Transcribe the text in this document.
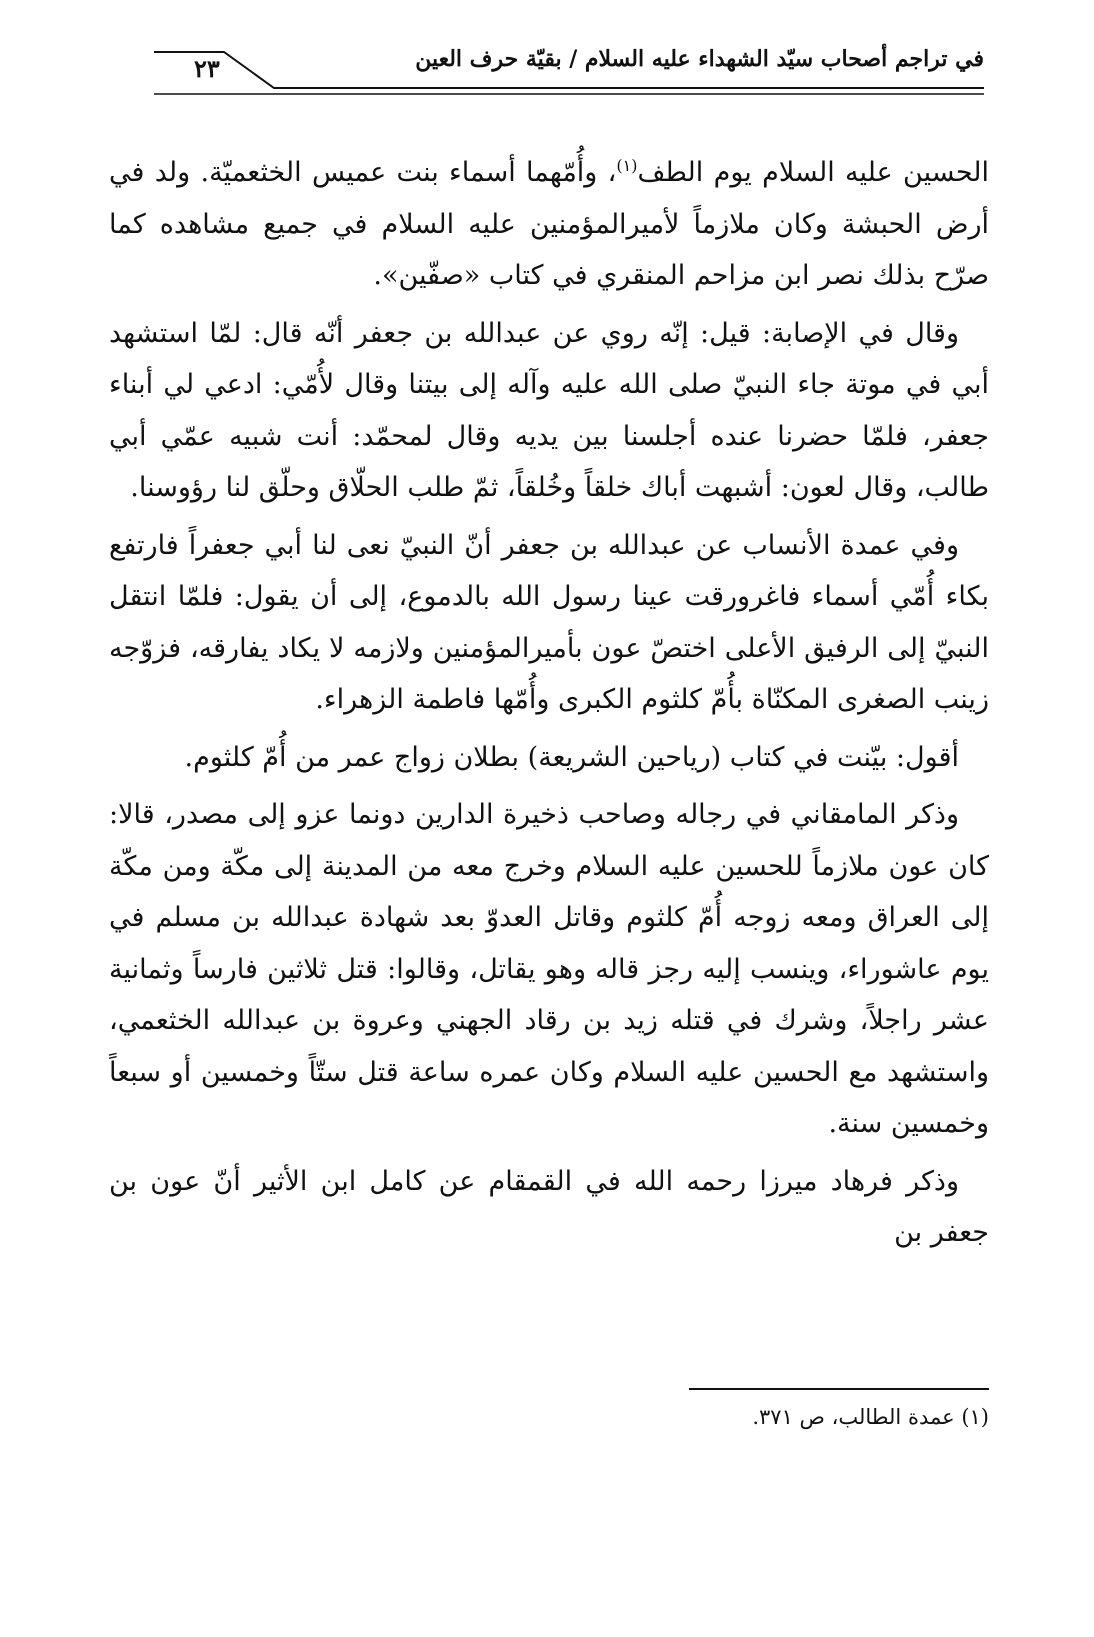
في تراجم أصحاب سيّد الشهداء عليه السلام / بقيّة حرف العين
٢٣

الحسين عليه السلام يوم الطف$^{(١)}$، وأُمّهما أسماء بنت عميس الخثعميّة. ولد في أرض الحبشة وكان ملازماً لأميرالمؤمنين عليه السلام في جميع مشاهده كما صرّح بذلك نصر ابن مزاحم المنقري في كتاب «صفّين».

وقال في الإصابة: قيل: إنّه روي عن عبدالله بن جعفر أنّه قال: لمّا استشهد أبي في موتة جاء النبيّ صلى الله عليه وآله إلى بيتنا وقال لأُمّي: ادعي لي أبناء جعفر، فلمّا حضرنا عنده أجلسنا بين يديه وقال لمحمّد: أنت شبيه عمّي أبي طالب، وقال لعون: أشبهت أباك خلقاً وخُلقاً، ثمّ طلب الحلّاق وحلّق لنا رؤوسنا.

وفي عمدة الأنساب عن عبدالله بن جعفر أنّ النبيّ نعى لنا أبي جعفراً فارتفع بكاء أُمّي أسماء فاغرورقت عينا رسول الله بالدموع، إلى أن يقول: فلمّا انتقل النبيّ إلى الرفيق الأعلى اختصّ عون بأميرالمؤمنين ولازمه لا يكاد يفارقه، فزوّجه زينب الصغرى المكنّاة بأُمّ كلثوم الكبرى وأُمّها فاطمة الزهراء.

أقول: بيّنت في كتاب (رياحين الشريعة) بطلان زواج عمر من أُمّ كلثوم.

وذكر المامقاني في رجاله وصاحب ذخيرة الدارين دونما عزو إلى مصدر، قالا: كان عون ملازماً للحسين عليه السلام وخرج معه من المدينة إلى مكّة ومن مكّة إلى العراق ومعه زوجه أُمّ كلثوم وقاتل العدوّ بعد شهادة عبدالله بن مسلم في يوم عاشوراء، وينسب إليه رجز قاله وهو يقاتل، وقالوا: قتل ثلاثين فارساً وثمانية عشر راجلاً، وشرك في قتله زيد بن رقاد الجهني وعروة بن عبدالله الخثعمي، واستشهد مع الحسين عليه السلام وكان عمره ساعة قتل ستّاً وخمسين أو سبعاً وخمسين سنة.

وذكر فرهاد ميرزا رحمه الله في القمقام عن كامل ابن الأثير أنّ عون بن جعفر بن

(١) عمدة الطالب، ص ٣٧١.
